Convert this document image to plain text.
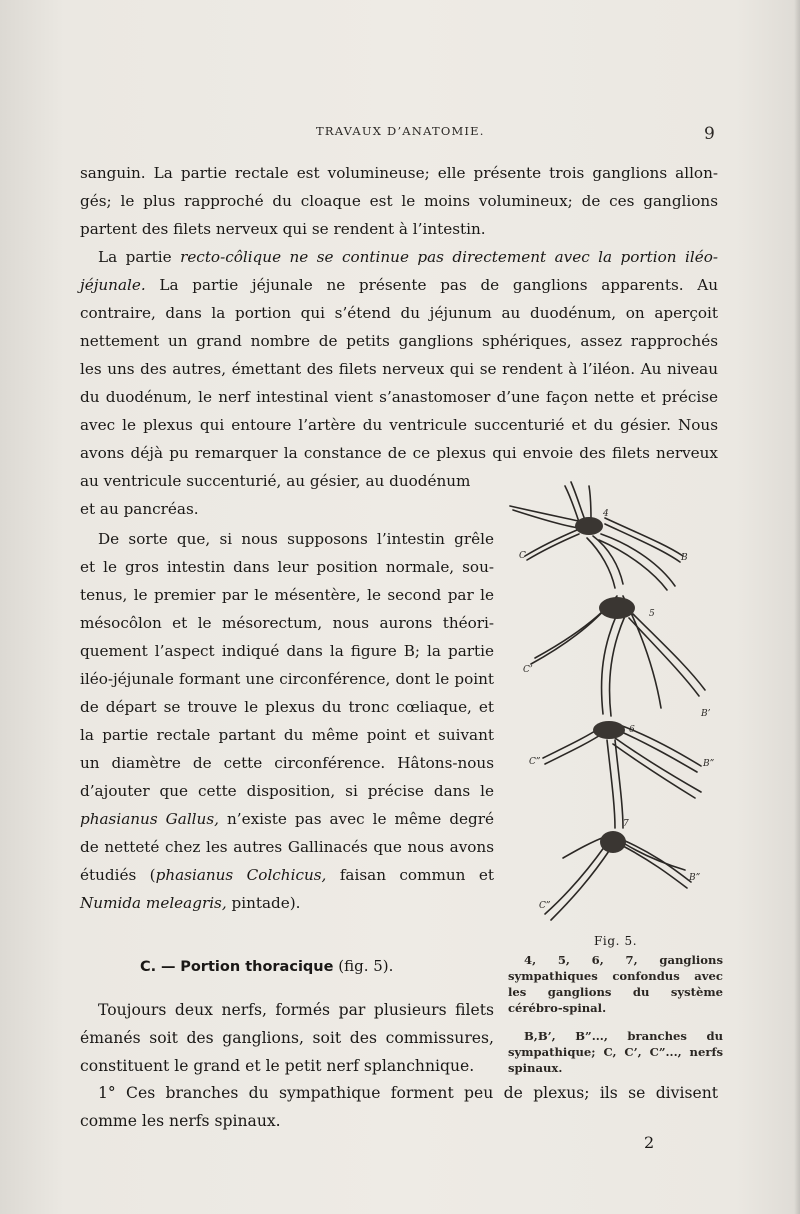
TRAVAUX D’ANATOMIE.	9

sanguin. La partie rectale est volumineuse; elle présente trois ganglions allon-

gés; le plus rapproché du cloaque est le moins volumineux; de ces ganglions

partent des filets nerveux qui se rendent à l’intestin.

La partie recto-côlique ne se continue pas directement avec la portion iléo-

jéjunale. La partie jéjunale ne présente pas de ganglions apparents. Au

contraire, dans la portion qui s’étend du jéjunum au duodénum, on aperçoit

nettement un grand nombre de petits ganglions sphériques, assez rapprochés

les uns des autres, émettant des filets nerveux qui se rendent à l’iléon. Au niveau

du duodénum, le nerf intestinal vient s’anastomoser d’une façon nette et précise

avec le plexus qui entoure l’artère du ventricule succenturié et du gésier. Nous

avons déjà pu remarquer la constance de ce plexus qui envoie des filets nerveux

au ventricule succenturié, au gésier, au duodénum

et au pancréas.

De sorte que, si nous supposons l’intestin grêle

et le gros intestin dans leur position normale, sou-

tenus, le premier par le mésentère, le second par le

mésocôlon et le mésorectum, nous aurons théori-

quement l’aspect indiqué dans la figure B; la partie

iléo-jéjunale formant une circonférence, dont le point

de départ se trouve le plexus du tronc cœliaque, et

la partie rectale partant du même point et suivant

un diamètre de cette circonférence. Hâtons-nous

d’ajouter que cette disposition, si précise dans le

phasianus Gallus, n’existe pas avec le même degré

de netteté chez les autres Gallinacés que nous avons

étudiés (phasianus Colchicus, faisan commun et

Numida meleagris, pintade).

C. — Portion thoracique (fig. 5).

Toujours deux nerfs, formés par plusieurs filets

émanés soit des ganglions, soit des commissures,

constituent le grand et le petit nerf splanchnique.

1° Ces branches du sympathique forment peu de plexus; ils se divisent

comme les nerfs spinaux.

4
5
6
7
B
B’
B”
B”
C
C’
C”
C”
Fig. 5.

4, 5, 6, 7, ganglions sympathiques confondus avec les ganglions du système cérébro-spinal.
B,B’, B”..., branches du sympathique; C, C’, C”..., nerfs spinaux.

2
